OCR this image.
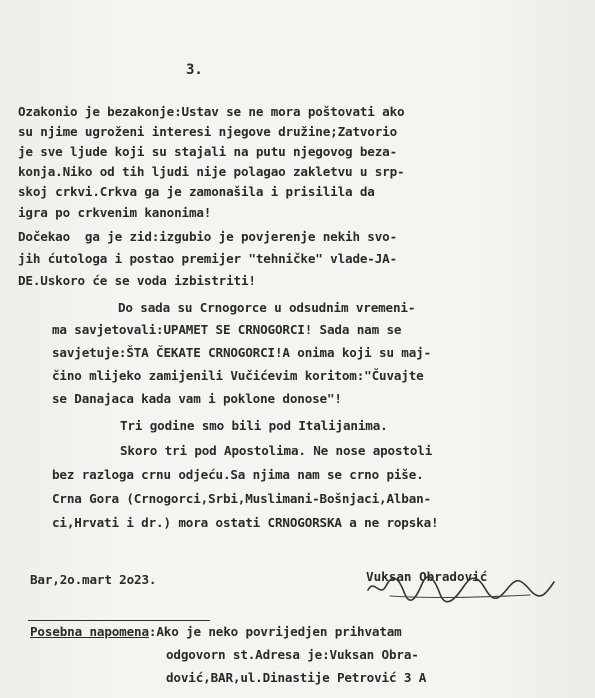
3.
Ozakonio je bezakonje:Ustav se ne mora poštovati ako
su njime ugroženi interesi njegove družine;Zatvorio
je sve ljude koji su stajali na putu njegovog beza-
konja.Niko od tih ljudi nije polagao zakletvu u srp-
skoj crkvi.Crkva ga je zamonašila i prisilila da
igra po crkvenim kanonima!
Dočekao  ga je zid:izgubio je povjerenje nekih svo-
jih ćutologa i postao premijer "tehničke" vlade-JA-
DE.Uskoro će se voda izbistriti!
Do sada su Crnogorce u odsudnim vremeni-
ma savjetovali:UPAMET SE CRNOGORCI! Sada nam se
savjetuje:ŠTA ČEKATE CRNOGORCI!A onima koji su maj-
čino mlijeko zamijenili Vučićevim koritom:"Čuvajte
se Danajaca kada vam i poklone donose"!
Tri godine smo bili pod Italijanima.
Skoro tri pod Apostolima. Ne nose apostoli
bez razloga crnu odjeću.Sa njima nam se crno piše.
Crna Gora (Crnogorci,Srbi,Muslimani-Bošnjaci,Alban-
ci,Hrvati i dr.) mora ostati CRNOGORSKA a ne ropska!
Bar,2o.mart 2o23.	Vuksan Obradović
Posebna napomena:Ako je neko povrijedjen prihvatam
odgovorn st.Adresa je:Vuksan Obra-
dović,BAR,ul.Dinastije Petrović 3 A
